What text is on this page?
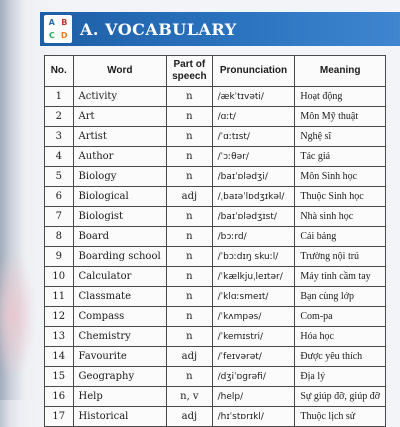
A B
C D A. VOCABULARY
No.	Word	Part of speech	Pronunciation	Meaning
1	Activity	n	/ækˈtɪvəti/	Hoạt động
2	Art	n	/ɑːt/	Môn Mỹ thuật
3	Artist	n	/ˈɑːtɪst/	Nghệ sĩ
4	Author	n	/ˈɔːθər/	Tác giả
5	Biology	n	/baɪˈɒlədʒi/	Môn Sinh học
6	Biological	adj	/ˌbaɪəˈlɒdʒɪkəl/	Thuộc Sinh học
7	Biologist	n	/baɪˈɒlədʒɪst/	Nhà sinh học
8	Board	n	/bɔːrd/	Cái bảng
9	Boarding school	n	/ˈbɔːdɪŋ skuːl/	Trường nội trú
10	Calculator	n	/ˈkælkjuˌleɪtər/	Máy tính cầm tay
11	Classmate	n	/ˈklɑːsmeɪt/	Bạn cùng lớp
12	Compass	n	/ˈkʌmpəs/	Com-pa
13	Chemistry	n	/ˈkemɪstri/	Hóa học
14	Favourite	adj	/ˈfeɪvərət/	Được yêu thích
15	Geography	n	/dʒiˈɒɡrəfi/	Địa lý
16	Help	n, v	/help/	Sự giúp đỡ, giúp đỡ
17	Historical	adj	/hɪˈstɒrɪkl/	Thuộc lịch sử
